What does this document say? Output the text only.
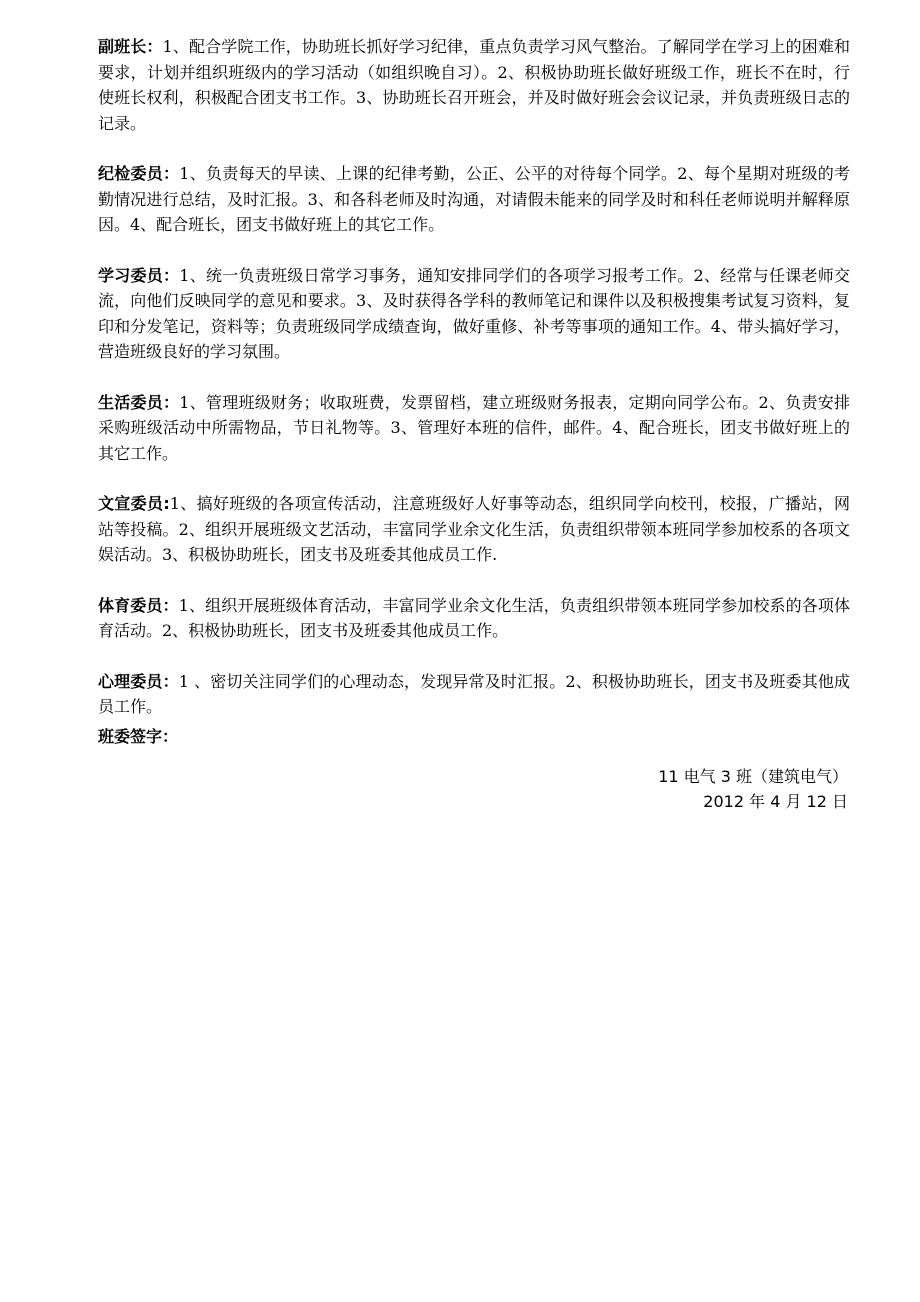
副班长：1、配合学院工作，协助班长抓好学习纪律，重点负责学习风气整治。了解同学在学习上的困难和要求，计划并组织班级内的学习活动（如组织晚自习）。2、积极协助班长做好班级工作，班长不在时，行使班长权利，积极配合团支书工作。3、协助班长召开班会，并及时做好班会会议记录，并负责班级日志的记录。

纪检委员：1、负责每天的早读、上课的纪律考勤，公正、公平的对待每个同学。2、每个星期对班级的考勤情况进行总结，及时汇报。3、和各科老师及时沟通，对请假未能来的同学及时和科任老师说明并解释原因。4、配合班长，团支书做好班上的其它工作。

学习委员：1、统一负责班级日常学习事务，通知安排同学们的各项学习报考工作。2、经常与任课老师交流，向他们反映同学的意见和要求。3、及时获得各学科的教师笔记和课件以及积极搜集考试复习资料，复印和分发笔记，资料等；负责班级同学成绩查询，做好重修、补考等事项的通知工作。4、带头搞好学习，营造班级良好的学习氛围。

生活委员：1、管理班级财务；收取班费，发票留档，建立班级财务报表，定期向同学公布。2、负责安排采购班级活动中所需物品，节日礼物等。3、管理好本班的信件，邮件。4、配合班长，团支书做好班上的其它工作。

文宣委员:1、搞好班级的各项宣传活动，注意班级好人好事等动态，组织同学向校刊，校报，广播站，网站等投稿。2、组织开展班级文艺活动，丰富同学业余文化生活，负责组织带领本班同学参加校系的各项文娱活动。3、积极协助班长，团支书及班委其他成员工作.

体育委员：1、组织开展班级体育活动，丰富同学业余文化生活，负责组织带领本班同学参加校系的各项体育活动。2、积极协助班长，团支书及班委其他成员工作。

心理委员：1 、密切关注同学们的心理动态，发现异常及时汇报。2、积极协助班长，团支书及班委其他成员工作。

班委签字：

11 电气 3 班（建筑电气）
2012 年 4 月 12 日
